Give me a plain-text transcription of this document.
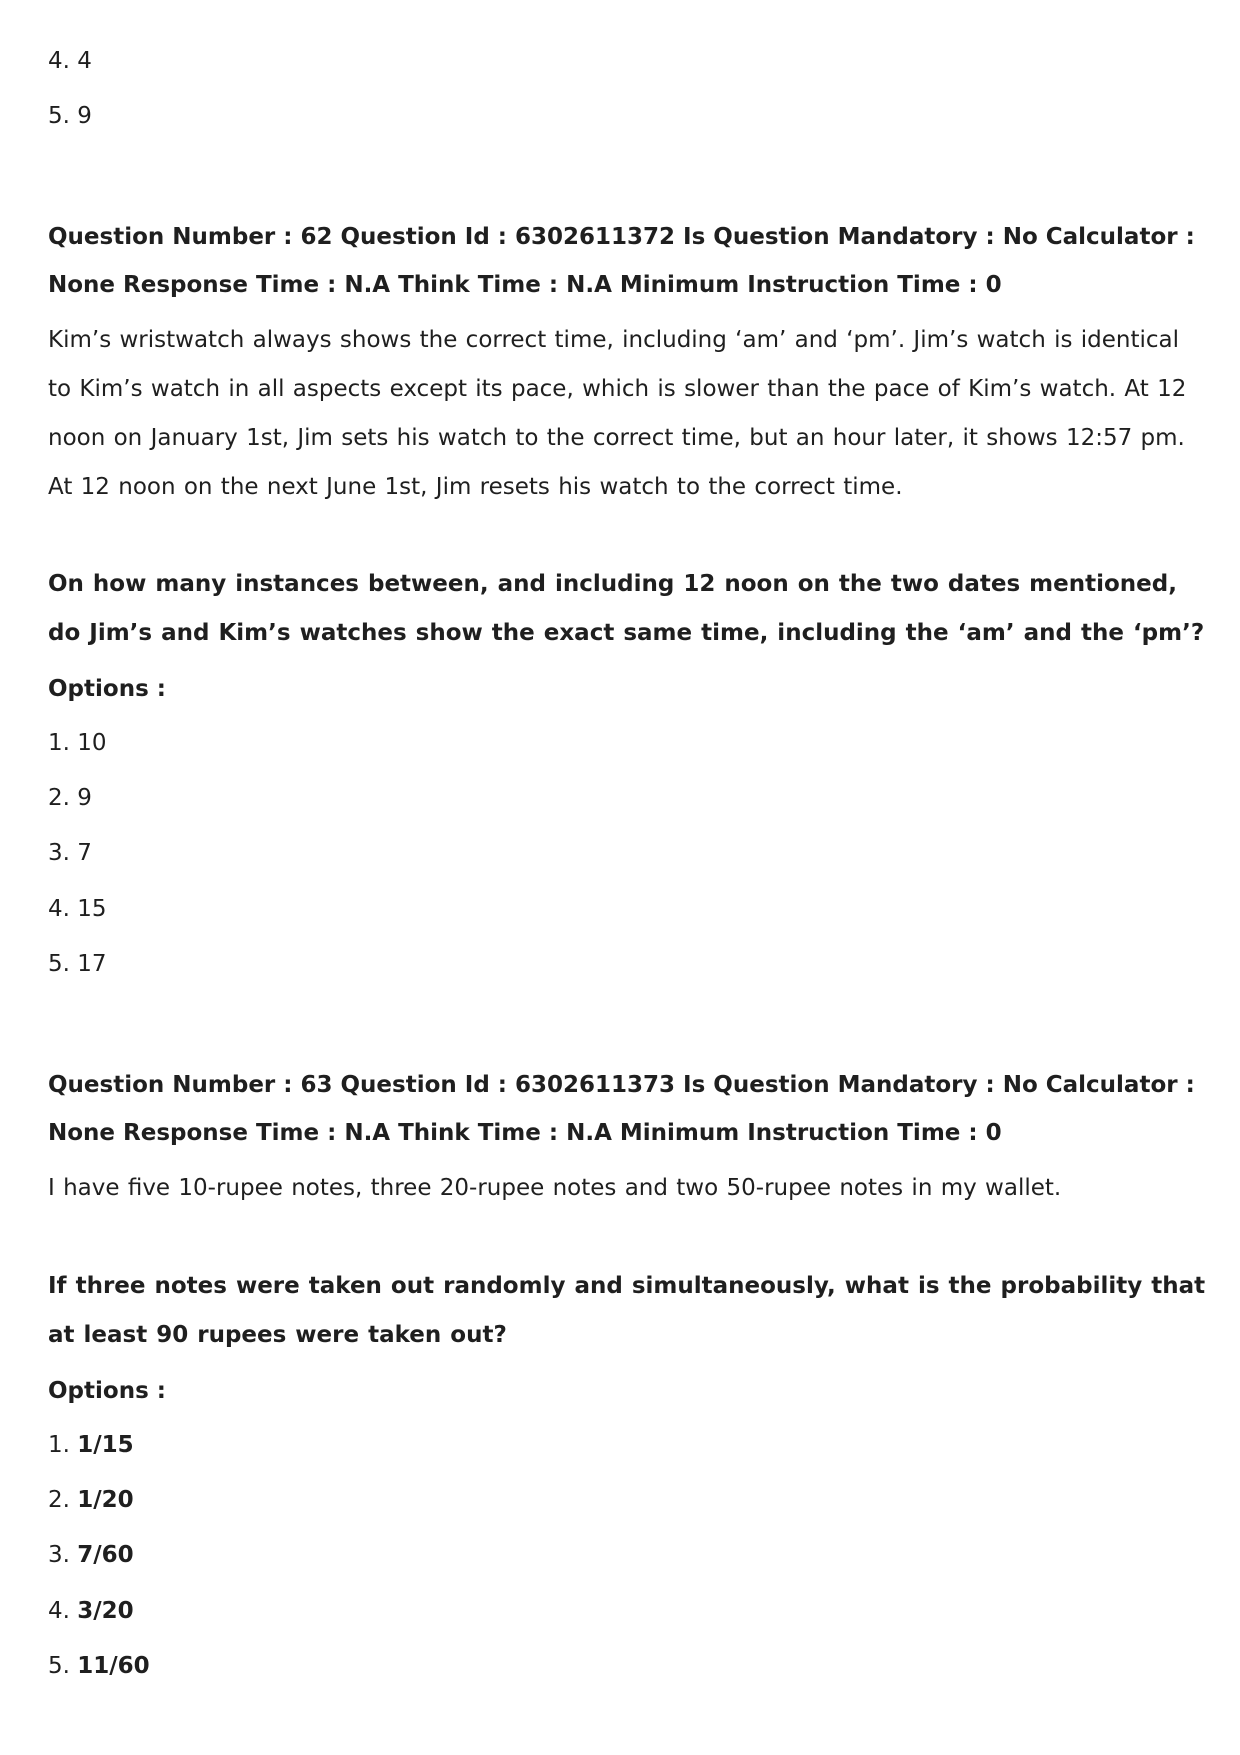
4. 4

5. 9

Question Number : 62 Question Id : 6302611372 Is Question Mandatory : No Calculator :

None Response Time : N.A Think Time : N.A Minimum Instruction Time : 0

Kim’s wristwatch always shows the correct time, including ‘am’ and ‘pm’. Jim’s watch is identical to Kim’s watch in all aspects except its pace, which is slower than the pace of Kim’s watch. At 12 noon on January 1st, Jim sets his watch to the correct time, but an hour later, it shows 12:57 pm. At 12 noon on the next June 1st, Jim resets his watch to the correct time.

On how many instances between, and including 12 noon on the two dates mentioned, do Jim’s and Kim’s watches show the exact same time, including the ‘am’ and the ‘pm’?

Options :

1. 10

2. 9

3. 7

4. 15

5. 17

Question Number : 63 Question Id : 6302611373 Is Question Mandatory : No Calculator :

None Response Time : N.A Think Time : N.A Minimum Instruction Time : 0

I have five 10-rupee notes, three 20-rupee notes and two 50-rupee notes in my wallet.

If three notes were taken out randomly and simultaneously, what is the probability that at least 90 rupees were taken out?

Options :

1. 1/15

2. 1/20

3. 7/60

4. 3/20

5. 11/60
